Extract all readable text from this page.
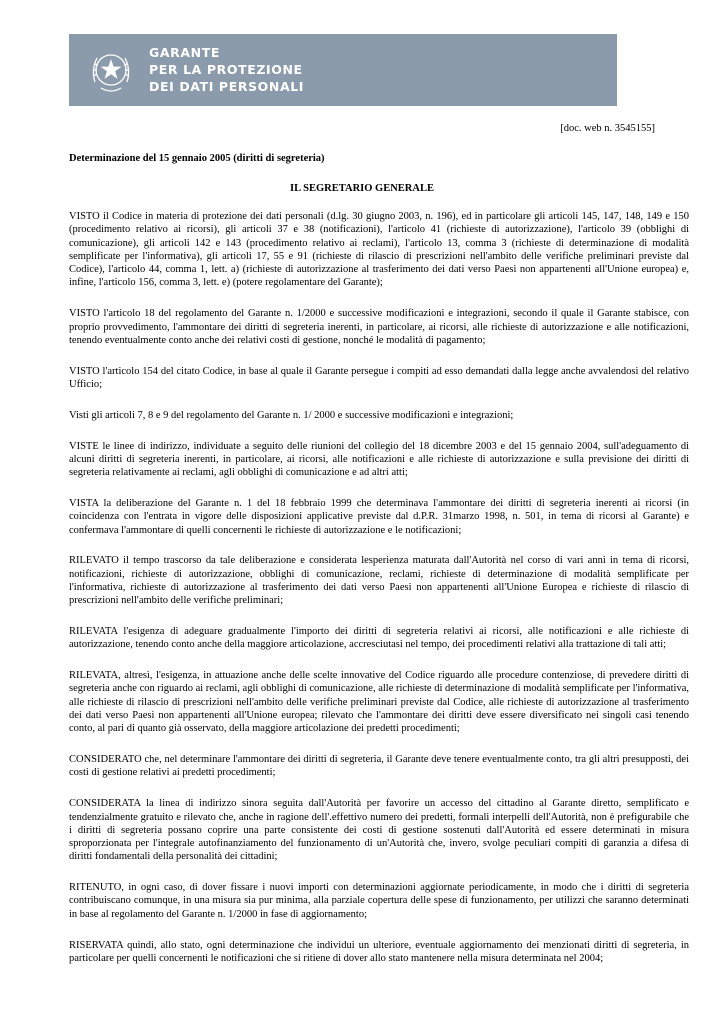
GARANTE
PER LA PROTEZIONE
DEI DATI PERSONALI
[doc. web n. 3545155]
Determinazione del 15 gennaio 2005 (diritti di segreteria)
IL SEGRETARIO GENERALE

VISTO il Codice in materia di protezione dei dati personali (d.lg. 30 giugno 2003, n. 196), ed in particolare gli articoli 145, 147, 148, 149 e 150 (procedimento relativo ai ricorsi), gli articoli 37 e 38 (notificazioni), l'articolo 41 (richieste di autorizzazione), l'articolo 39 (obblighi di comunicazione), gli articoli 142 e 143 (procedimento relativo ai reclami), l'articolo 13, comma 3 (richieste di determinazione di modalità semplificate per l'informativa), gli articoli 17, 55 e 91 (richieste di rilascio di prescrizioni nell'ambito delle verifiche preliminari previste dal Codice), l'articolo 44, comma 1, lett. a) (richieste di autorizzazione al trasferimento dei dati verso Paesi non appartenenti all'Unione europea) e, infine, l'articolo 156, comma 3, lett. e) (potere regolamentare del Garante);

VISTO l'articolo 18 del regolamento del Garante n. 1/2000 e successive modificazioni e integrazioni, secondo il quale il Garante stabisce, con proprio provvedimento, l'ammontare dei diritti di segreteria inerenti, in particolare, ai ricorsi, alle richieste di autorizzazione e alle notificazioni, tenendo eventualmente conto anche dei relativi costi di gestione, nonché le modalità di pagamento;

VISTO l'articolo 154 del citato Codice, in base al quale il Garante persegue i compiti ad esso demandati dalla legge anche avvalendosi del relativo Ufficio;

Visti gli articoli 7, 8 e 9 del regolamento del Garante n. 1/ 2000 e successive modificazioni e integrazioni;

VISTE le linee di indirizzo, individuate a seguito delle riunioni del collegio del 18 dicembre 2003 e del 15 gennaio 2004, sull'adeguamento di alcuni diritti di segreteria inerenti, in particolare, ai ricorsi, alle notificazioni e alle richieste di autorizzazione e sulla previsione dei diritti di segreteria relativamente ai reclami, agli obblighi di comunicazione e ad altri atti;

VISTA la deliberazione del Garante n. 1 del 18 febbraio 1999 che determinava l'ammontare dei diritti di segreteria inerenti ai ricorsi (in coincidenza con l'entrata in vigore delle disposizioni applicative previste dal d.P.R. 31marzo 1998, n. 501, in tema di ricorsi al Garante) e confermava l'ammontare di quelli concernenti le richieste di autorizzazione e le notificazioni;

RILEVATO il tempo trascorso da tale deliberazione e considerata lesperienza maturata dall'Autorità nel corso di vari anni in tema di ricorsi, notificazioni, richieste di autorizzazione, obblighi di comunicazione, reclami, richieste di determinazione di modalità semplificate per l'informativa, richieste di autorizzazione al trasferimento dei dati verso Paesi non appartenenti all'Unione Europea e richieste di rilascio di prescrizioni nell'ambito delle verifiche preliminari;

RILEVATA l'esigenza di adeguare gradualmente l'importo dei diritti di segreteria relativi ai ricorsi, alle notificazioni e alle richieste di autorizzazione, tenendo conto anche della maggiore articolazione, accresciutasi nel tempo, dei procedimenti relativi alla trattazione di tali atti;

RILEVATA, altresì, l'esigenza, in attuazione anche delle scelte innovative del Codice riguardo alle procedure contenziose, di prevedere diritti di segreteria anche con riguardo ai reclami, agli obblighi di comunicazione, alle richieste di determinazione di modalità semplificate per l'informativa, alle richieste di rilascio di prescrizioni nell'ambito delle verifiche preliminari previste dal Codice, alle richieste di autorizzazione al trasferimento dei dati verso Paesi non appartenenti all'Unione europea; rilevato che l'ammontare dei diritti deve essere diversificato nei singoli casi tenendo conto, al pari di quanto già osservato, della maggiore articolazione dei predetti procedimenti;

CONSIDERATO che, nel determinare l'ammontare dei diritti di segreteria, il Garante deve tenere eventualmente conto, tra gli altri presupposti, dei costi di gestione relativi ai predetti procedimenti;

CONSIDERATA la linea di indirizzo sinora seguita dall'Autorità per favorire un accesso del cittadino al Garante diretto, semplificato e tendenzialmente gratuito e rilevato che, anche in ragione dell'.effettivo numero dei predetti, formali interpelli dell'Autorità, non è prefigurabile che i diritti di segreteria possano coprire una parte consistente dei costi di gestione sostenuti dall'Autorità ed essere determinati in misura sproporzionata per l'integrale autofinanziamento del funzionamento di un'Autorità che, invero, svolge peculiari compiti di garanzia a difesa di diritti fondamentali della personalità dei cittadini;

RITENUTO, in ogni caso, di dover fissare i nuovi importi con determinazioni aggiornate periodicamente, in modo che i diritti di segreteria contribuiscano comunque, in una misura sia pur minima, alla parziale copertura delle spese di funzionamento, per utilizzi che saranno determinati in base al regolamento del Garante n. 1/2000 in fase di aggiornamento;

RISERVATA quindi, allo stato, ogni determinazione che individui un ulteriore, eventuale aggiornamento dei menzionati diritti di segreteria, in particolare per quelli concernenti le notificazioni che si ritiene di dover allo stato mantenere nella misura determinata nel 2004;
